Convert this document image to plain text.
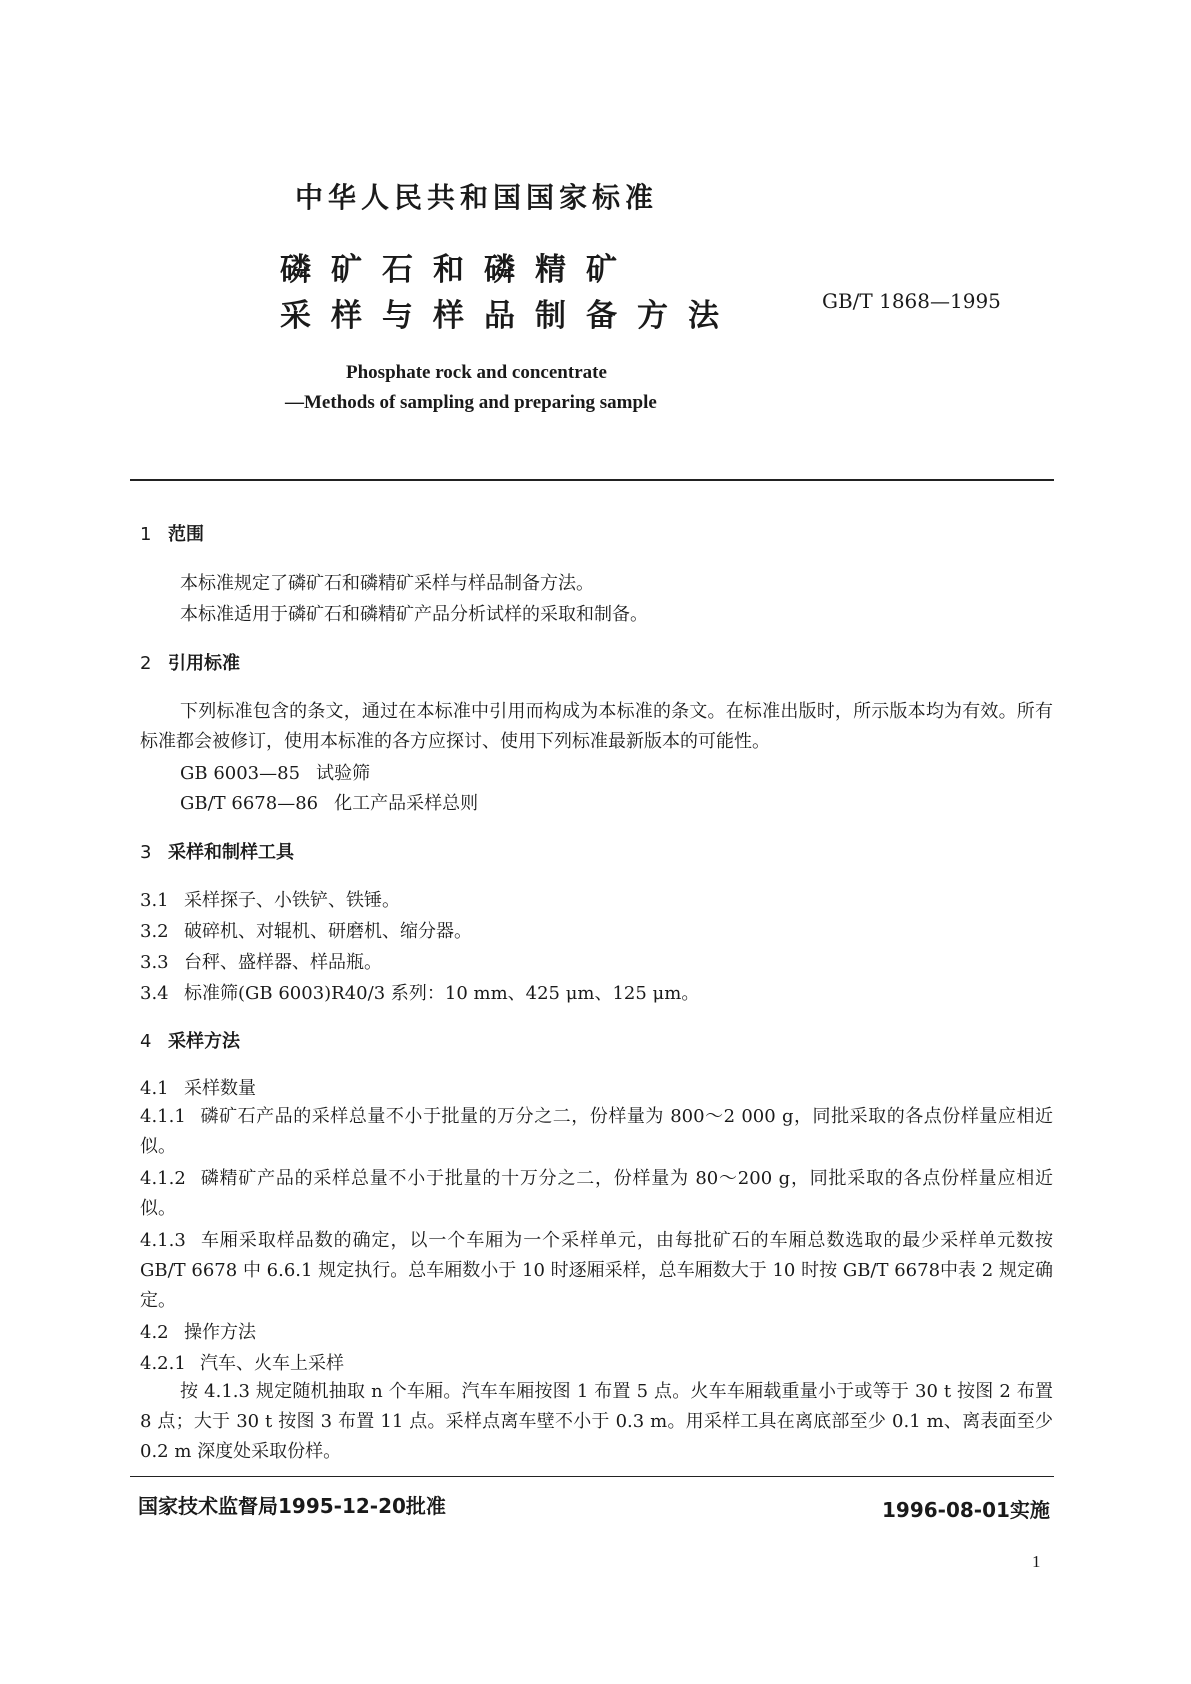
中华人民共和国国家标准
磷矿石和磷精矿
采样与样品制备方法	GB/T 1868—1995
Phosphate rock and concentrate
—Methods of sampling and preparing sample
1 范围
本标准规定了磷矿石和磷精矿采样与样品制备方法。
本标准适用于磷矿石和磷精矿产品分析试样的采取和制备。
2 引用标准
下列标准包含的条文，通过在本标准中引用而构成为本标准的条文。在标准出版时，所示版本均为有效。所有标准都会被修订，使用本标准的各方应探讨、使用下列标准最新版本的可能性。
GB 6003—85 试验筛
GB/T 6678—86 化工产品采样总则
3 采样和制样工具
3.1 采样探子、小铁铲、铁锤。
3.2 破碎机、对辊机、研磨机、缩分器。
3.3 台秤、盛样器、样品瓶。
3.4 标准筛(GB 6003)R40/3 系列：10 mm、425 μm、125 μm。
4 采样方法
4.1 采样数量
4.1.1 磷矿石产品的采样总量不小于批量的万分之二，份样量为 800～2 000 g，同批采取的各点份样量应相近似。
4.1.2 磷精矿产品的采样总量不小于批量的十万分之二，份样量为 80～200 g，同批采取的各点份样量应相近似。
4.1.3 车厢采取样品数的确定，以一个车厢为一个采样单元，由每批矿石的车厢总数选取的最少采样单元数按 GB/T 6678 中 6.6.1 规定执行。总车厢数小于 10 时逐厢采样，总车厢数大于 10 时按 GB/T 6678中表 2 规定确定。
4.2 操作方法
4.2.1 汽车、火车上采样
按 4.1.3 规定随机抽取 n 个车厢。汽车车厢按图 1 布置 5 点。火车车厢载重量小于或等于 30 t 按图 2 布置 8 点；大于 30 t 按图 3 布置 11 点。采样点离车壁不小于 0.3 m。用采样工具在离底部至少 0.1 m、离表面至少 0.2 m 深度处采取份样。
国家技术监督局1995-12-20批准	1996-08-01实施
1
